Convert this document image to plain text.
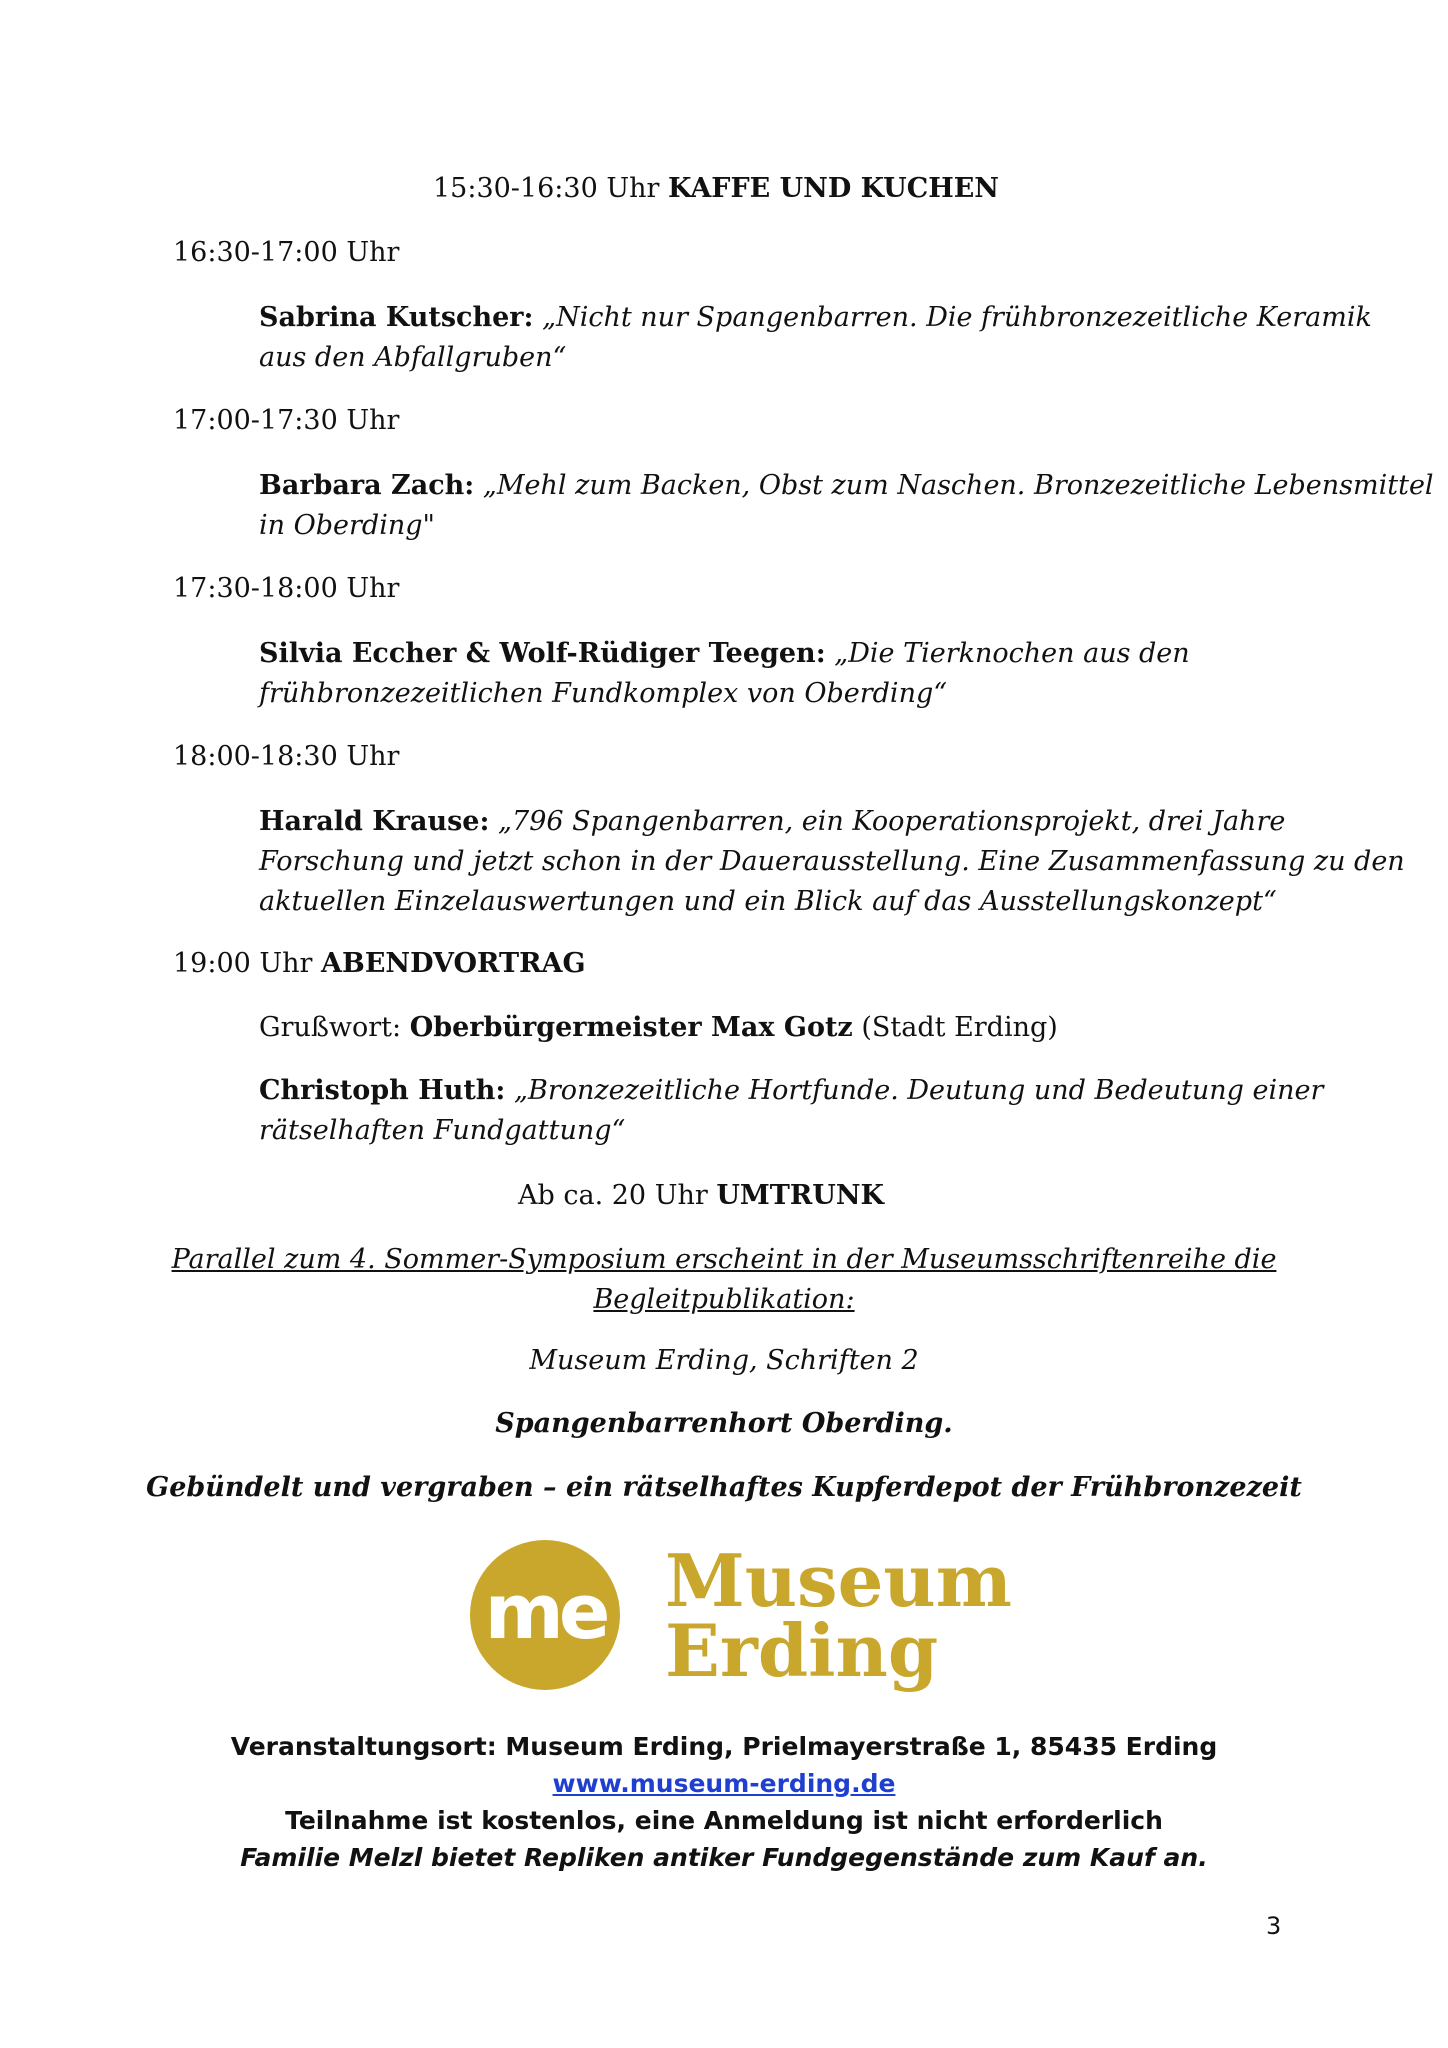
15:30-16:30 Uhr KAFFE UND KUCHEN
16:30-17:00 Uhr
Sabrina Kutscher: „Nicht nur Spangenbarren. Die frühbronzezeitliche Keramik
aus den Abfallgruben“
17:00-17:30 Uhr
Barbara Zach: „Mehl zum Backen, Obst zum Naschen. Bronzezeitliche Lebensmittel
in Oberding"
17:30-18:00 Uhr
Silvia Eccher & Wolf-Rüdiger Teegen: „Die Tierknochen aus den
frühbronzezeitlichen Fundkomplex von Oberding“
18:00-18:30 Uhr
Harald Krause: „796 Spangenbarren, ein Kooperationsprojekt, drei Jahre
Forschung und jetzt schon in der Dauerausstellung. Eine Zusammenfassung zu den
aktuellen Einzelauswertungen und ein Blick auf das Ausstellungskonzept“
19:00 Uhr ABENDVORTRAG
Grußwort: Oberbürgermeister Max Gotz (Stadt Erding)
Christoph Huth: „Bronzezeitliche Hortfunde. Deutung und Bedeutung einer
rätselhaften Fundgattung“
Ab ca. 20 Uhr UMTRUNK
Parallel zum 4. Sommer-Symposium erscheint in der Museumsschriftenreihe die
Begleitpublikation:
Museum Erding, Schriften 2
Spangenbarrenhort Oberding.
Gebündelt und vergraben – ein rätselhaftes Kupferdepot der Frühbronzezeit
me Museum
Erding
Veranstaltungsort: Museum Erding, Prielmayerstraße 1, 85435 Erding
www.museum-erding.de
Teilnahme ist kostenlos, eine Anmeldung ist nicht erforderlich
Familie Melzl bietet Repliken antiker Fundgegenstände zum Kauf an.
3
